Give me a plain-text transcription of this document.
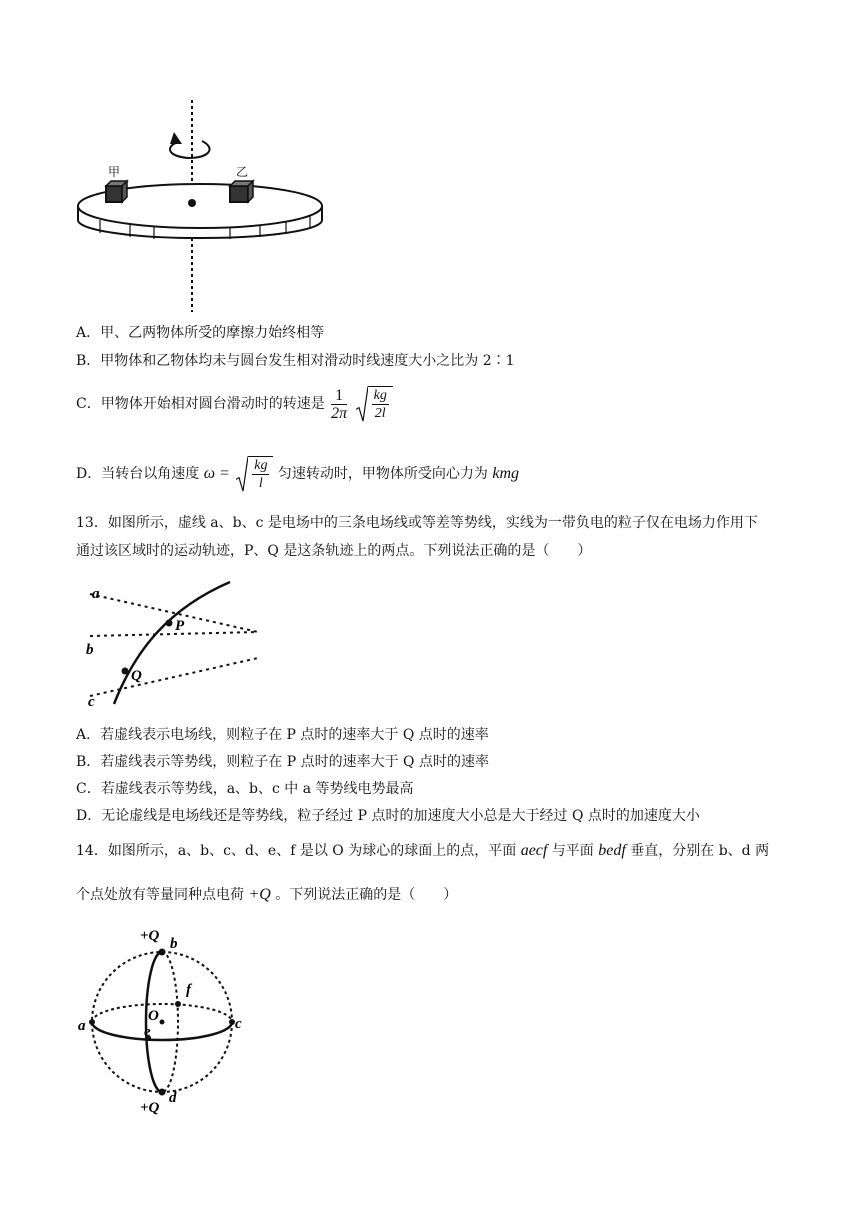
甲	乙
A．甲、乙两物体所受的摩擦力始终相等
B．甲物体和乙物体均未与圆台发生相对滑动时线速度大小之比为 2∶1
C．甲物体开始相对圆台滑动时的转速是 $\frac{1}{2\pi}$
$\frac{kg}{2l}$
D．当转台以角速度 $\omega = \frac{kg}{l}$ 匀速转动时，甲物体所受向心力为 kmg
13．如图所示，虚线 a、b、c 是电场中的三条电场线或等差等势线，实线为一带负电的粒子仅在电场力作用下
通过该区域时的运动轨迹，P、Q 是这条轨迹上的两点。下列说法正确的是（　　）
a
b
c
P
Q
A．若虚线表示电场线，则粒子在 P 点时的速率大于 Q 点时的速率
B．若虚线表示等势线，则粒子在 P 点时的速率大于 Q 点时的速率
C．若虚线表示等势线，a、b、c 中 a 等势线电势最高
D．无论虚线是电场线还是等势线，粒子经过 P 点时的加速度大小总是大于经过 Q 点时的加速度大小
14．如图所示，a、b、c、d、e、f 是以 O 为球心的球面上的点，平面 aecf 与平面 bedf 垂直，分别在 b、d 两
个点处放有等量同种点电荷 +Q 。下列说法正确的是（　　）
+Q b
f
O
e
a	c
d
+Q
